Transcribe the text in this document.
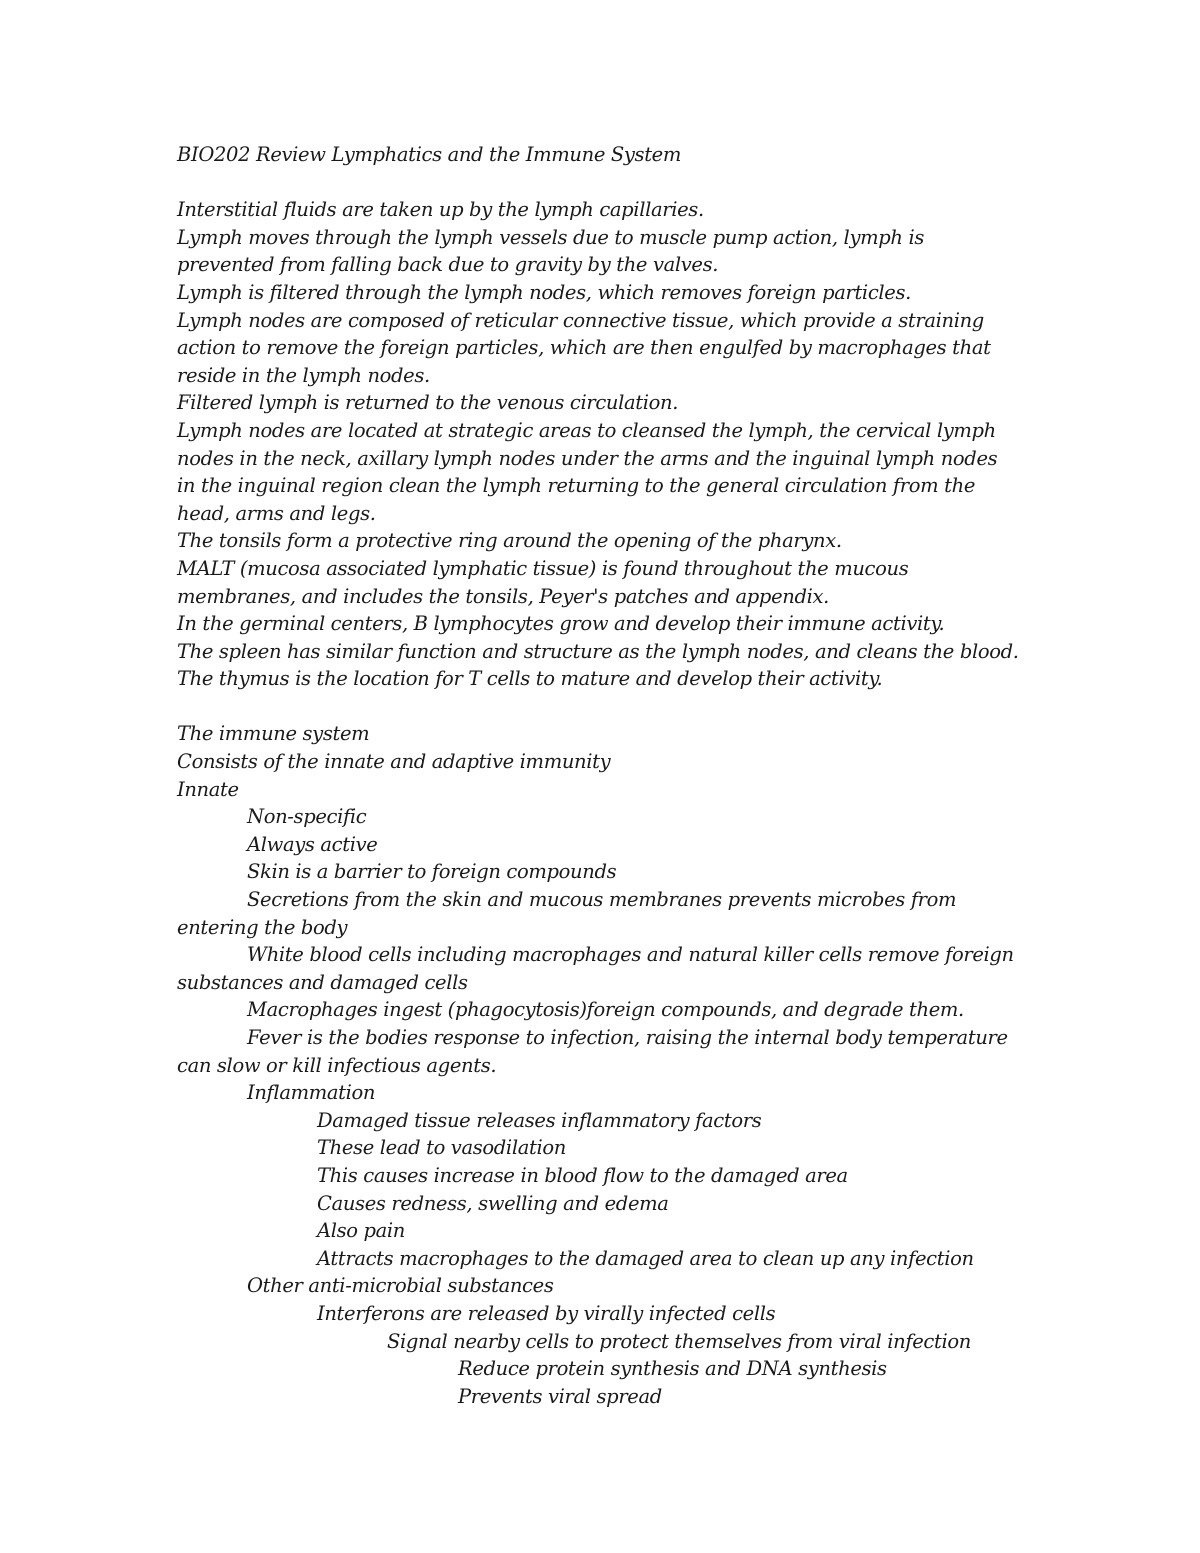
BIO202 Review Lymphatics and the Immune System
Interstitial fluids are taken up by the lymph capillaries.
Lymph moves through the lymph vessels due to muscle pump action, lymph is
prevented from falling back due to gravity by the valves.
Lymph is filtered through the lymph nodes, which removes foreign particles.
Lymph nodes are composed of reticular connective tissue, which provide a straining
action to remove the foreign particles, which are then engulfed by macrophages that
reside in the lymph nodes.
Filtered lymph is returned to the venous circulation.
Lymph nodes are located at strategic areas to cleansed the lymph, the cervical lymph
nodes in the neck, axillary lymph nodes under the arms and the inguinal lymph nodes
in the inguinal region clean the lymph returning to the general circulation from the
head, arms and legs.
The tonsils form a protective ring around the opening of the pharynx.
MALT (mucosa associated lymphatic tissue) is found throughout the mucous
membranes, and includes the tonsils, Peyer's patches and appendix.
In the germinal centers, B lymphocytes grow and develop their immune activity.
The spleen has similar function and structure as the lymph nodes, and cleans the blood.
The thymus is the location for T cells to mature and develop their activity.
The immune system
Consists of the innate and adaptive immunity
Innate
Non-specific
Always active
Skin is a barrier to foreign compounds
Secretions from the skin and mucous membranes prevents microbes from
entering the body
White blood cells including macrophages and natural killer cells remove foreign
substances and damaged cells
Macrophages ingest (phagocytosis)foreign compounds, and degrade them.
Fever is the bodies response to infection, raising the internal body temperature
can slow or kill infectious agents.
Inflammation
Damaged tissue releases inflammatory factors
These lead to vasodilation
This causes increase in blood flow to the damaged area
Causes redness, swelling and edema
Also pain
Attracts macrophages to the damaged area to clean up any infection
Other anti-microbial substances
Interferons are released by virally infected cells
Signal nearby cells to protect themselves from viral infection
Reduce protein synthesis and DNA synthesis
Prevents viral spread
